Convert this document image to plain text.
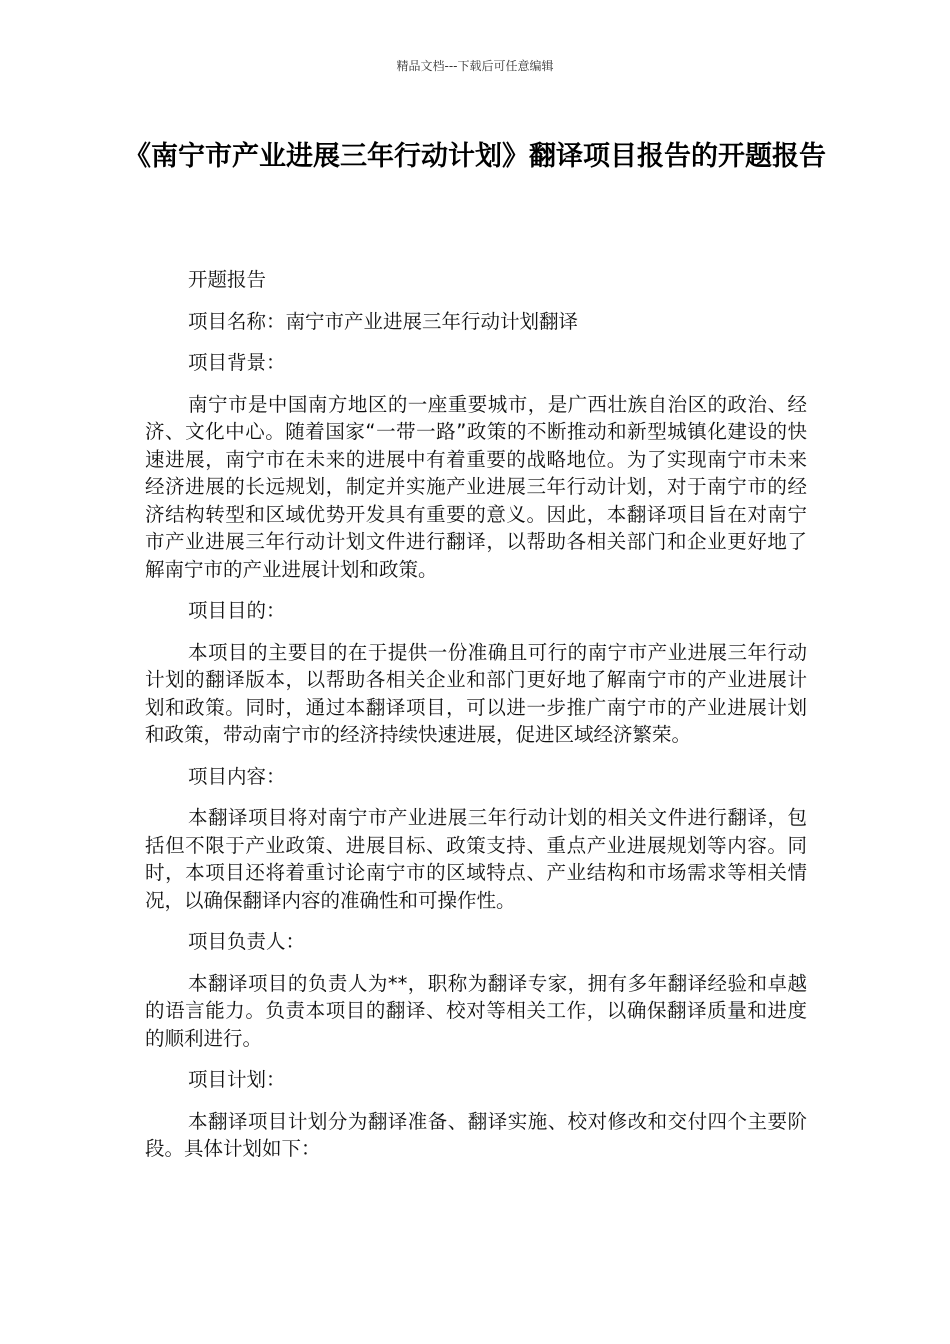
精品文档---下载后可任意编辑
《南宁市产业进展三年行动计划》翻译项目报告的开题报告

开题报告

项目名称：南宁市产业进展三年行动计划翻译

项目背景：

南宁市是中国南方地区的一座重要城市，是广西壮族自治区的政治、经济、文化中心。随着国家“一带一路”政策的不断推动和新型城镇化建设的快速进展，南宁市在未来的进展中有着重要的战略地位。为了实现南宁市未来经济进展的长远规划，制定并实施产业进展三年行动计划，对于南宁市的经济结构转型和区域优势开发具有重要的意义。因此，本翻译项目旨在对南宁市产业进展三年行动计划文件进行翻译，以帮助各相关部门和企业更好地了解南宁市的产业进展计划和政策。

项目目的：

本项目的主要目的在于提供一份准确且可行的南宁市产业进展三年行动计划的翻译版本，以帮助各相关企业和部门更好地了解南宁市的产业进展计划和政策。同时，通过本翻译项目，可以进一步推广南宁市的产业进展计划和政策，带动南宁市的经济持续快速进展，促进区域经济繁荣。

项目内容：

本翻译项目将对南宁市产业进展三年行动计划的相关文件进行翻译，包括但不限于产业政策、进展目标、政策支持、重点产业进展规划等内容。同时，本项目还将着重讨论南宁市的区域特点、产业结构和市场需求等相关情况，以确保翻译内容的准确性和可操作性。

项目负责人：

本翻译项目的负责人为**，职称为翻译专家，拥有多年翻译经验和卓越的语言能力。负责本项目的翻译、校对等相关工作，以确保翻译质量和进度的顺利进行。

项目计划：

本翻译项目计划分为翻译准备、翻译实施、校对修改和交付四个主要阶段。具体计划如下：
